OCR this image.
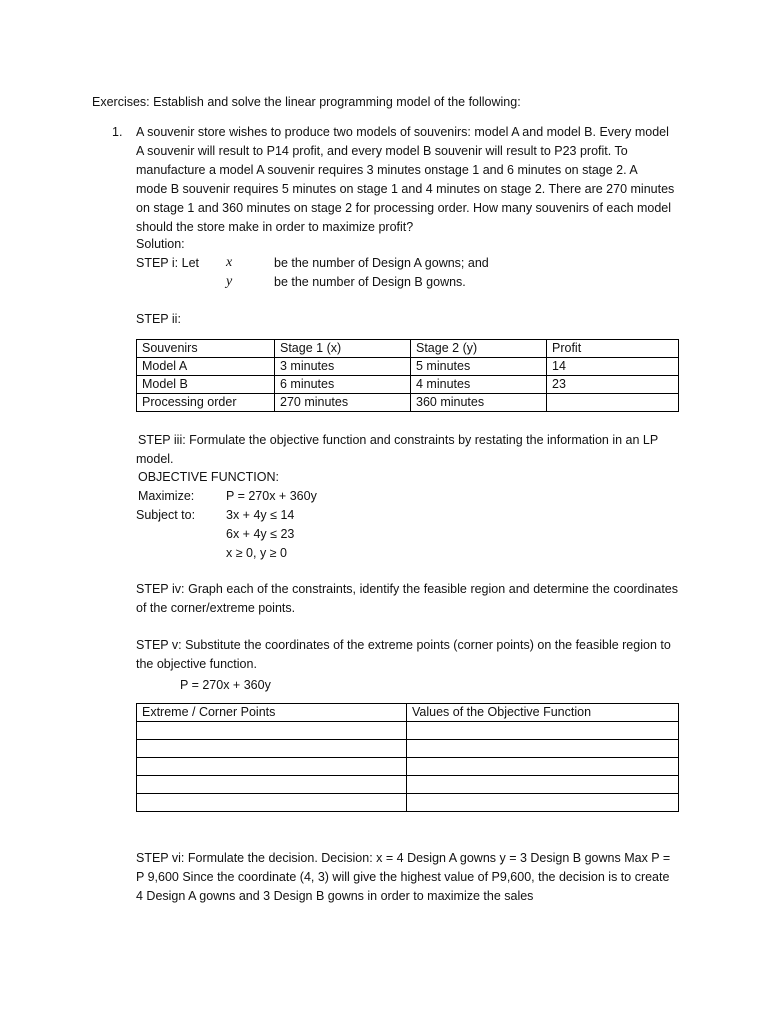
Exercises: Establish and solve the linear programming model of the following:

1. A souvenir store wishes to produce two models of souvenirs: model A and model B. Every model
A souvenir will result to P14 profit, and every model B souvenir will result to P23 profit. To
manufacture a model A souvenir requires 3 minutes onstage 1 and 6 minutes on stage 2. A
mode B souvenir requires 5 minutes on stage 1 and 4 minutes on stage 2. There are 270 minutes
on stage 1 and 360 minutes on stage 2 for processing order. How many souvenirs of each model
should the store make in order to maximize profit?
Solution:
STEP i: Let x	be the number of Design A gowns; and
y	be the number of Design B gowns.
STEP ii:
Souvenirs	Stage 1 (x)	Stage 2 (y)	Profit
Model A	3 minutes	5 minutes	14
Model B	6 minutes	4 minutes	23
Processing order	270 minutes	360 minutes	
STEP iii: Formulate the objective function and constraints by restating the information in an LP
model.
OBJECTIVE FUNCTION:
Maximize:	P = 270x + 360y
Subject to: 3x + 4y ≤ 14
6x + 4y ≤ 23
x ≥ 0, y ≥ 0

STEP iv: Graph each of the constraints, identify the feasible region and determine the coordinates of the corner/extreme points.

STEP v: Substitute the coordinates of the extreme points (corner points) on the feasible region to the objective function.

P = 270x + 360y
Extreme / Corner Points	Values of the Objective Function

STEP vi: Formulate the decision. Decision: x = 4 Design A gowns y = 3 Design B gowns Max P = P 9,600 Since the coordinate (4, 3) will give the highest value of P9,600, the decision is to create 4 Design A gowns and 3 Design B gowns in order to maximize the sales
